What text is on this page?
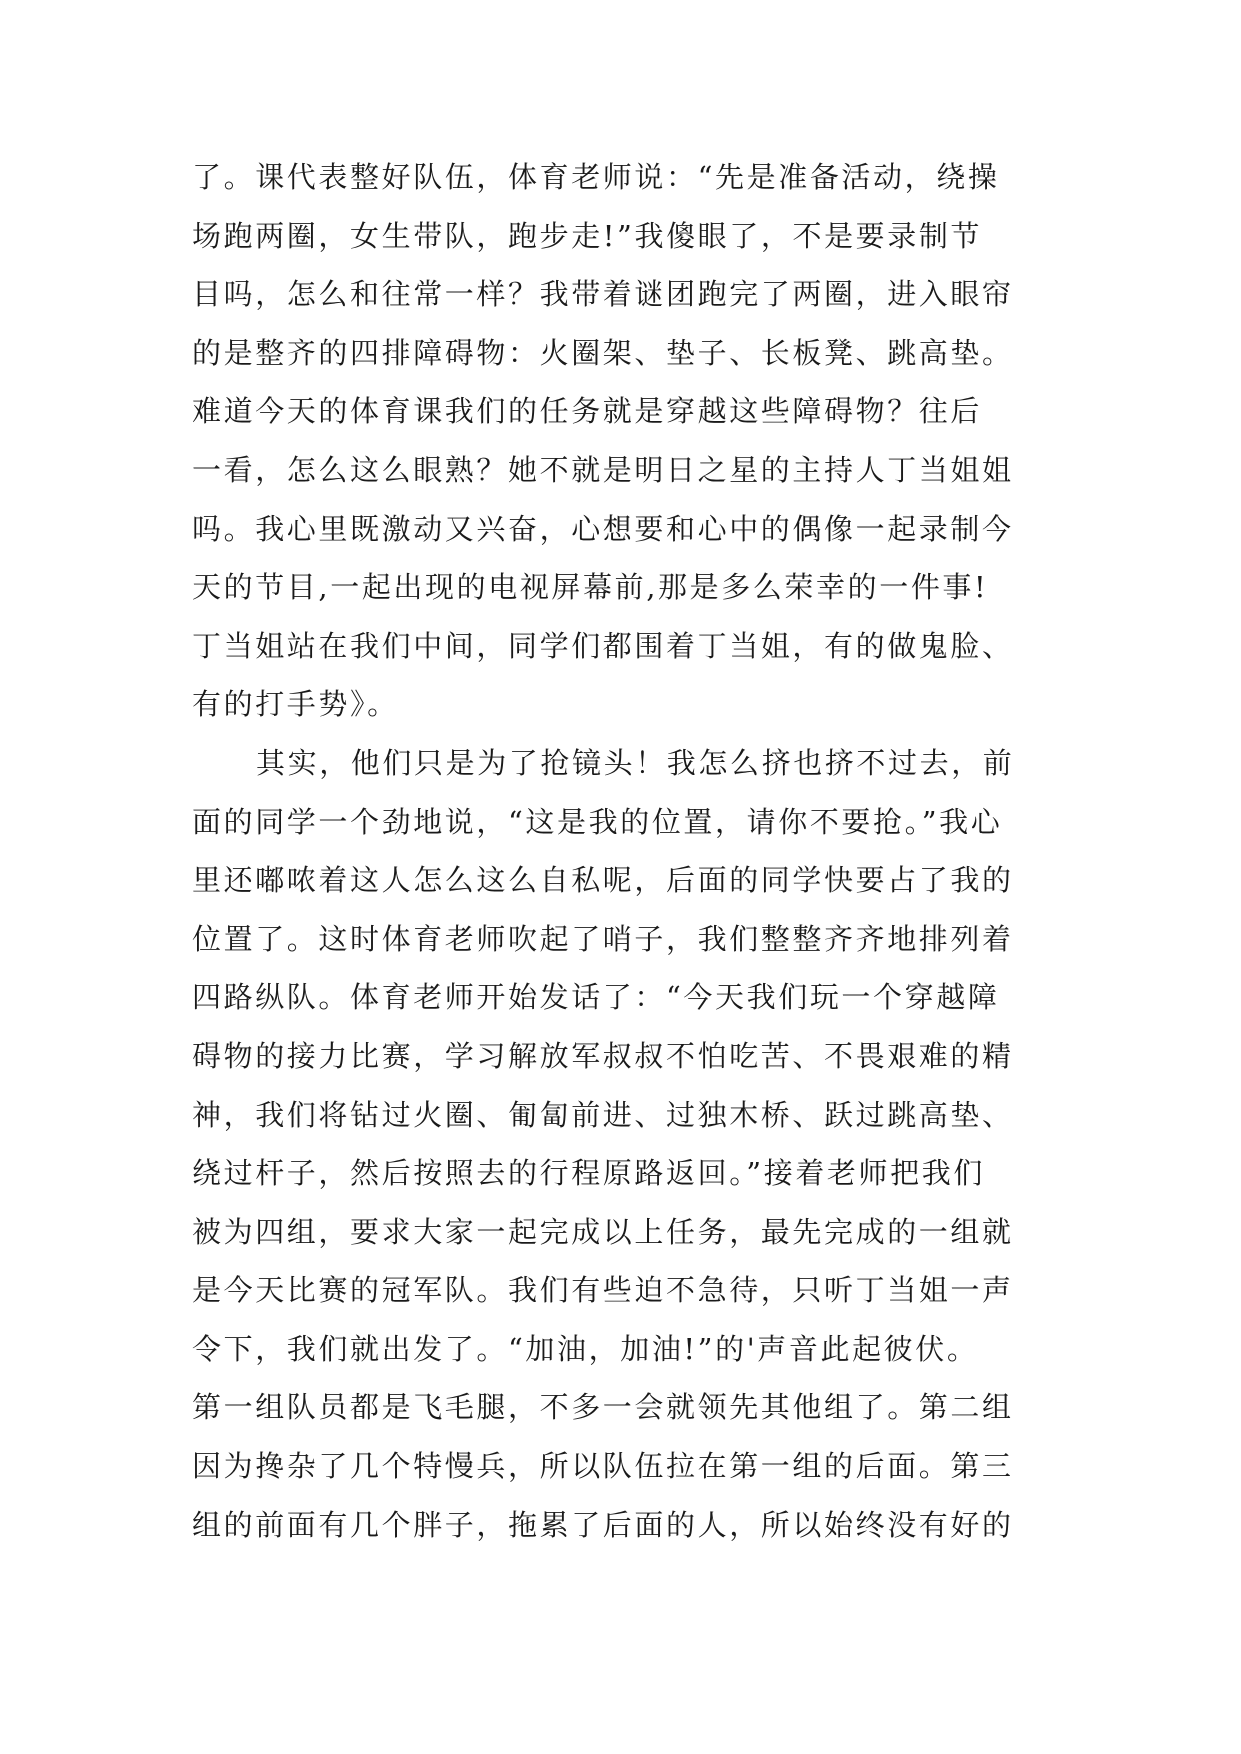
了。课代表整好队伍，体育老师说：“先是准备活动，绕操
场跑两圈，女生带队，跑步走!”我傻眼了，不是要录制节
目吗，怎么和往常一样？我带着谜团跑完了两圈，进入眼帘
的是整齐的四排障碍物：火圈架、垫子、长板凳、跳高垫。
难道今天的体育课我们的任务就是穿越这些障碍物？往后
一看，怎么这么眼熟？她不就是明日之星的主持人丁当姐姐
吗。我心里既激动又兴奋，心想要和心中的偶像一起录制今
天的节目,一起出现的电视屏幕前,那是多么荣幸的一件事!
丁当姐站在我们中间，同学们都围着丁当姐，有的做鬼脸、
有的打手势》。
其实，他们只是为了抢镜头！我怎么挤也挤不过去，前
面的同学一个劲地说，“这是我的位置，请你不要抢。”我心
里还嘟哝着这人怎么这么自私呢，后面的同学快要占了我的
位置了。这时体育老师吹起了哨子，我们整整齐齐地排列着
四路纵队。体育老师开始发话了：“今天我们玩一个穿越障
碍物的接力比赛，学习解放军叔叔不怕吃苦、不畏艰难的精
神，我们将钻过火圈、匍匐前进、过独木桥、跃过跳高垫、
绕过杆子，然后按照去的行程原路返回。”接着老师把我们
被为四组，要求大家一起完成以上任务，最先完成的一组就
是今天比赛的冠军队。我们有些迫不急待，只听丁当姐一声
令下，我们就出发了。“加油，加油!”的'声音此起彼伏。
第一组队员都是飞毛腿，不多一会就领先其他组了。第二组
因为搀杂了几个特慢兵，所以队伍拉在第一组的后面。第三
组的前面有几个胖子，拖累了后面的人，所以始终没有好的
